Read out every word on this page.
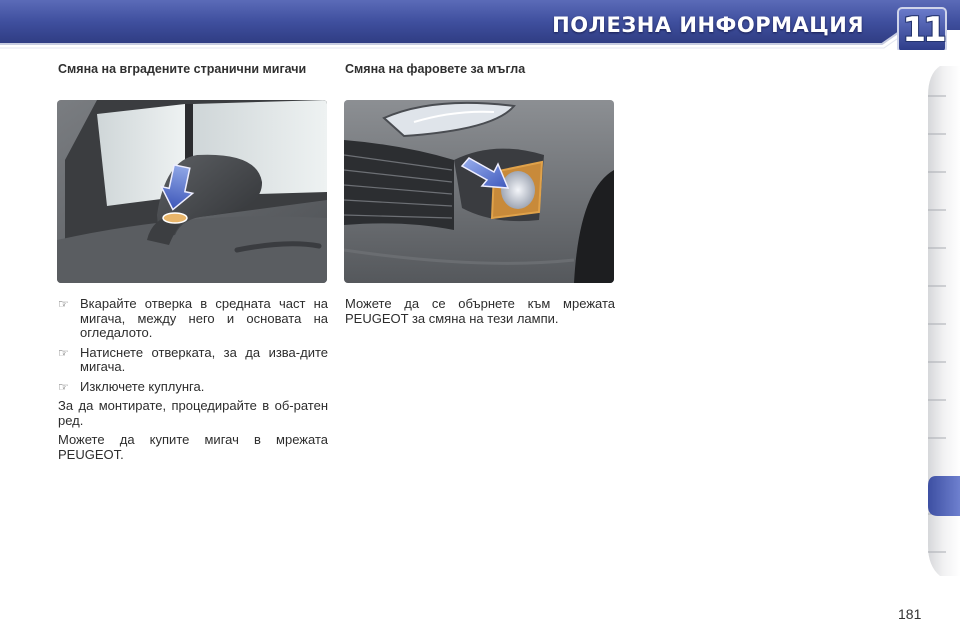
ПОЛЕЗНА ИНФОРМАЦИЯ 11
Смяна на вградените странични мигачи	Смяна на фаровете за мъгла
☞ Вкарайте отверка в средната част на мигача, между него и основата на огледалото.
☞ Натиснете отверката, за да изва-дите мигача.
☞ Изключете куплунга.

За да монтирате, процедирайте в об-ратен ред.

Можете да купите мигач в мрежата PEUGEOT.

Можете да се обърнете към мрежата PEUGEOT за смяна на тези лампи.

181
